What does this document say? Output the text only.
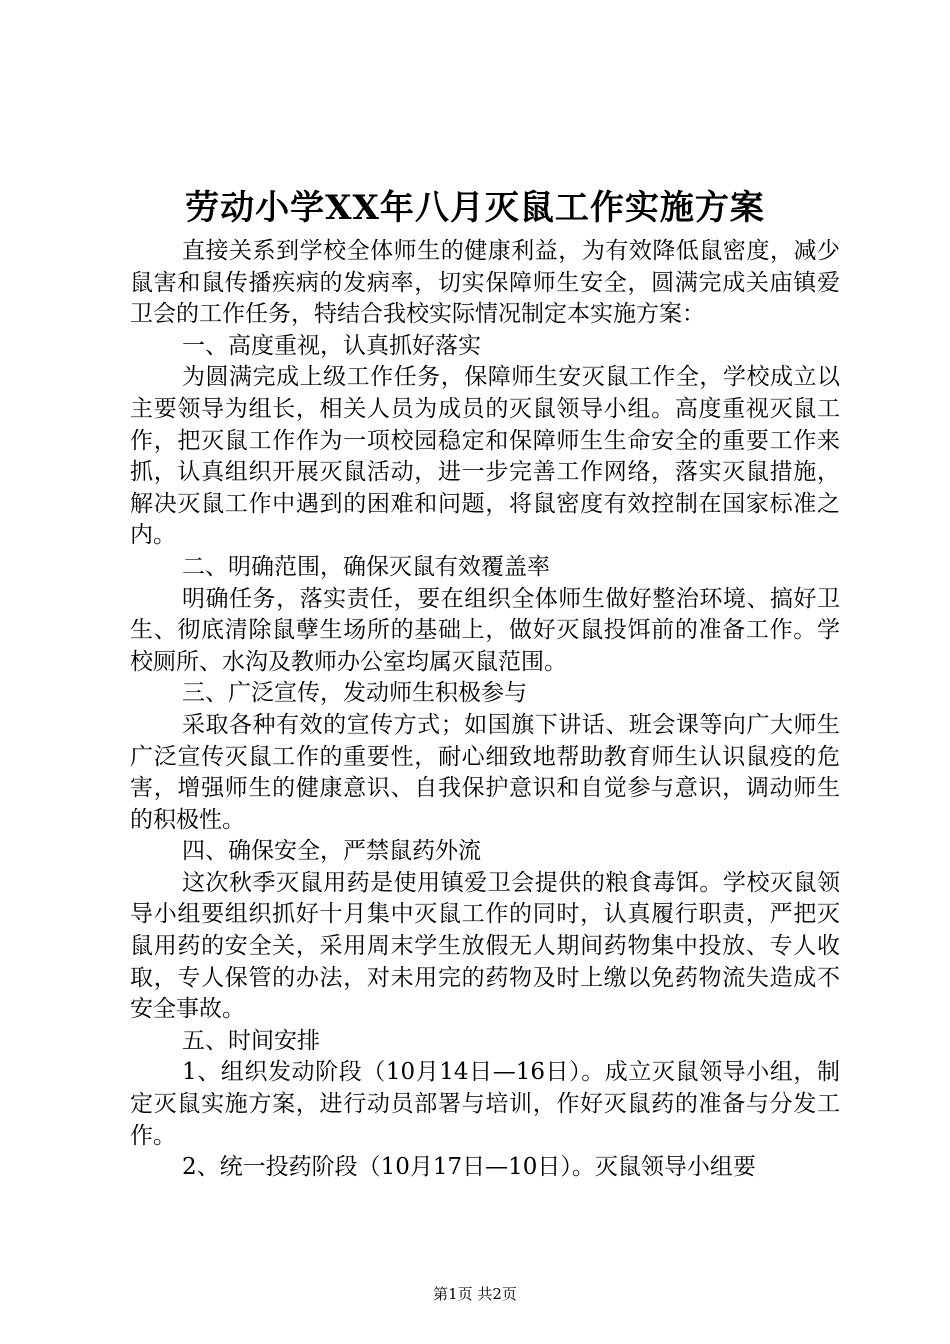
劳动小学XX年八月灭鼠工作实施方案

直接关系到学校全体师生的健康利益，为有效降低鼠密度，减少鼠害和鼠传播疾病的发病率，切实保障师生安全，圆满完成关庙镇爱卫会的工作任务，特结合我校实际情况制定本实施方案：

一、高度重视，认真抓好落实

为圆满完成上级工作任务，保障师生安灭鼠工作全，学校成立以主要领导为组长，相关人员为成员的灭鼠领导小组。高度重视灭鼠工作，把灭鼠工作作为一项校园稳定和保障师生生命安全的重要工作来抓，认真组织开展灭鼠活动，进一步完善工作网络，落实灭鼠措施，解决灭鼠工作中遇到的困难和问题，将鼠密度有效控制在国家标准之内。

二、明确范围，确保灭鼠有效覆盖率

明确任务，落实责任，要在组织全体师生做好整治环境、搞好卫生、彻底清除鼠孽生场所的基础上，做好灭鼠投饵前的准备工作。学校厕所、水沟及教师办公室均属灭鼠范围。

三、广泛宣传，发动师生积极参与

采取各种有效的宣传方式；如国旗下讲话、班会课等向广大师生广泛宣传灭鼠工作的重要性，耐心细致地帮助教育师生认识鼠疫的危害，增强师生的健康意识、自我保护意识和自觉参与意识，调动师生的积极性。

四、确保安全，严禁鼠药外流

这次秋季灭鼠用药是使用镇爱卫会提供的粮食毒饵。学校灭鼠领导小组要组织抓好十月集中灭鼠工作的同时，认真履行职责，严把灭鼠用药的安全关，采用周末学生放假无人期间药物集中投放、专人收取，专人保管的办法，对未用完的药物及时上缴以免药物流失造成不安全事故。

五、时间安排

1、组织发动阶段（10月14日—16日）。成立灭鼠领导小组，制定灭鼠实施方案，进行动员部署与培训，作好灭鼠药的准备与分发工作。

2、统一投药阶段（10月17日—10日）。灭鼠领导小组要

第1页 共2页
